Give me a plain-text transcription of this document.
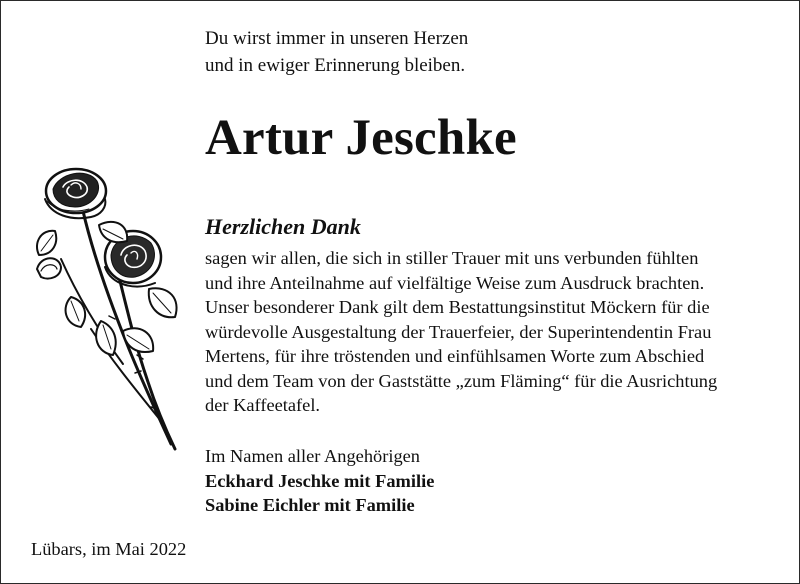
Du wirst immer in unseren Herzen
und in ewiger Erinnerung bleiben.
Artur Jeschke
Herzlichen Dank
sagen wir allen, die sich in stiller Trauer mit uns verbunden fühlten
und ihre Anteilnahme auf vielfältige Weise zum Ausdruck brachten.
Unser besonderer Dank gilt dem Bestattungsinstitut Möckern für die
würdevolle Ausgestaltung der Trauerfeier, der Superintendentin Frau
Mertens, für ihre tröstenden und einfühlsamen Worte zum Abschied
und dem Team von der Gaststätte „zum Fläming“ für die Ausrichtung
der Kaffeetafel.
Im Namen aller Angehörigen
Eckhard Jeschke mit Familie
Sabine Eichler mit Familie
Lübars, im Mai 2022
